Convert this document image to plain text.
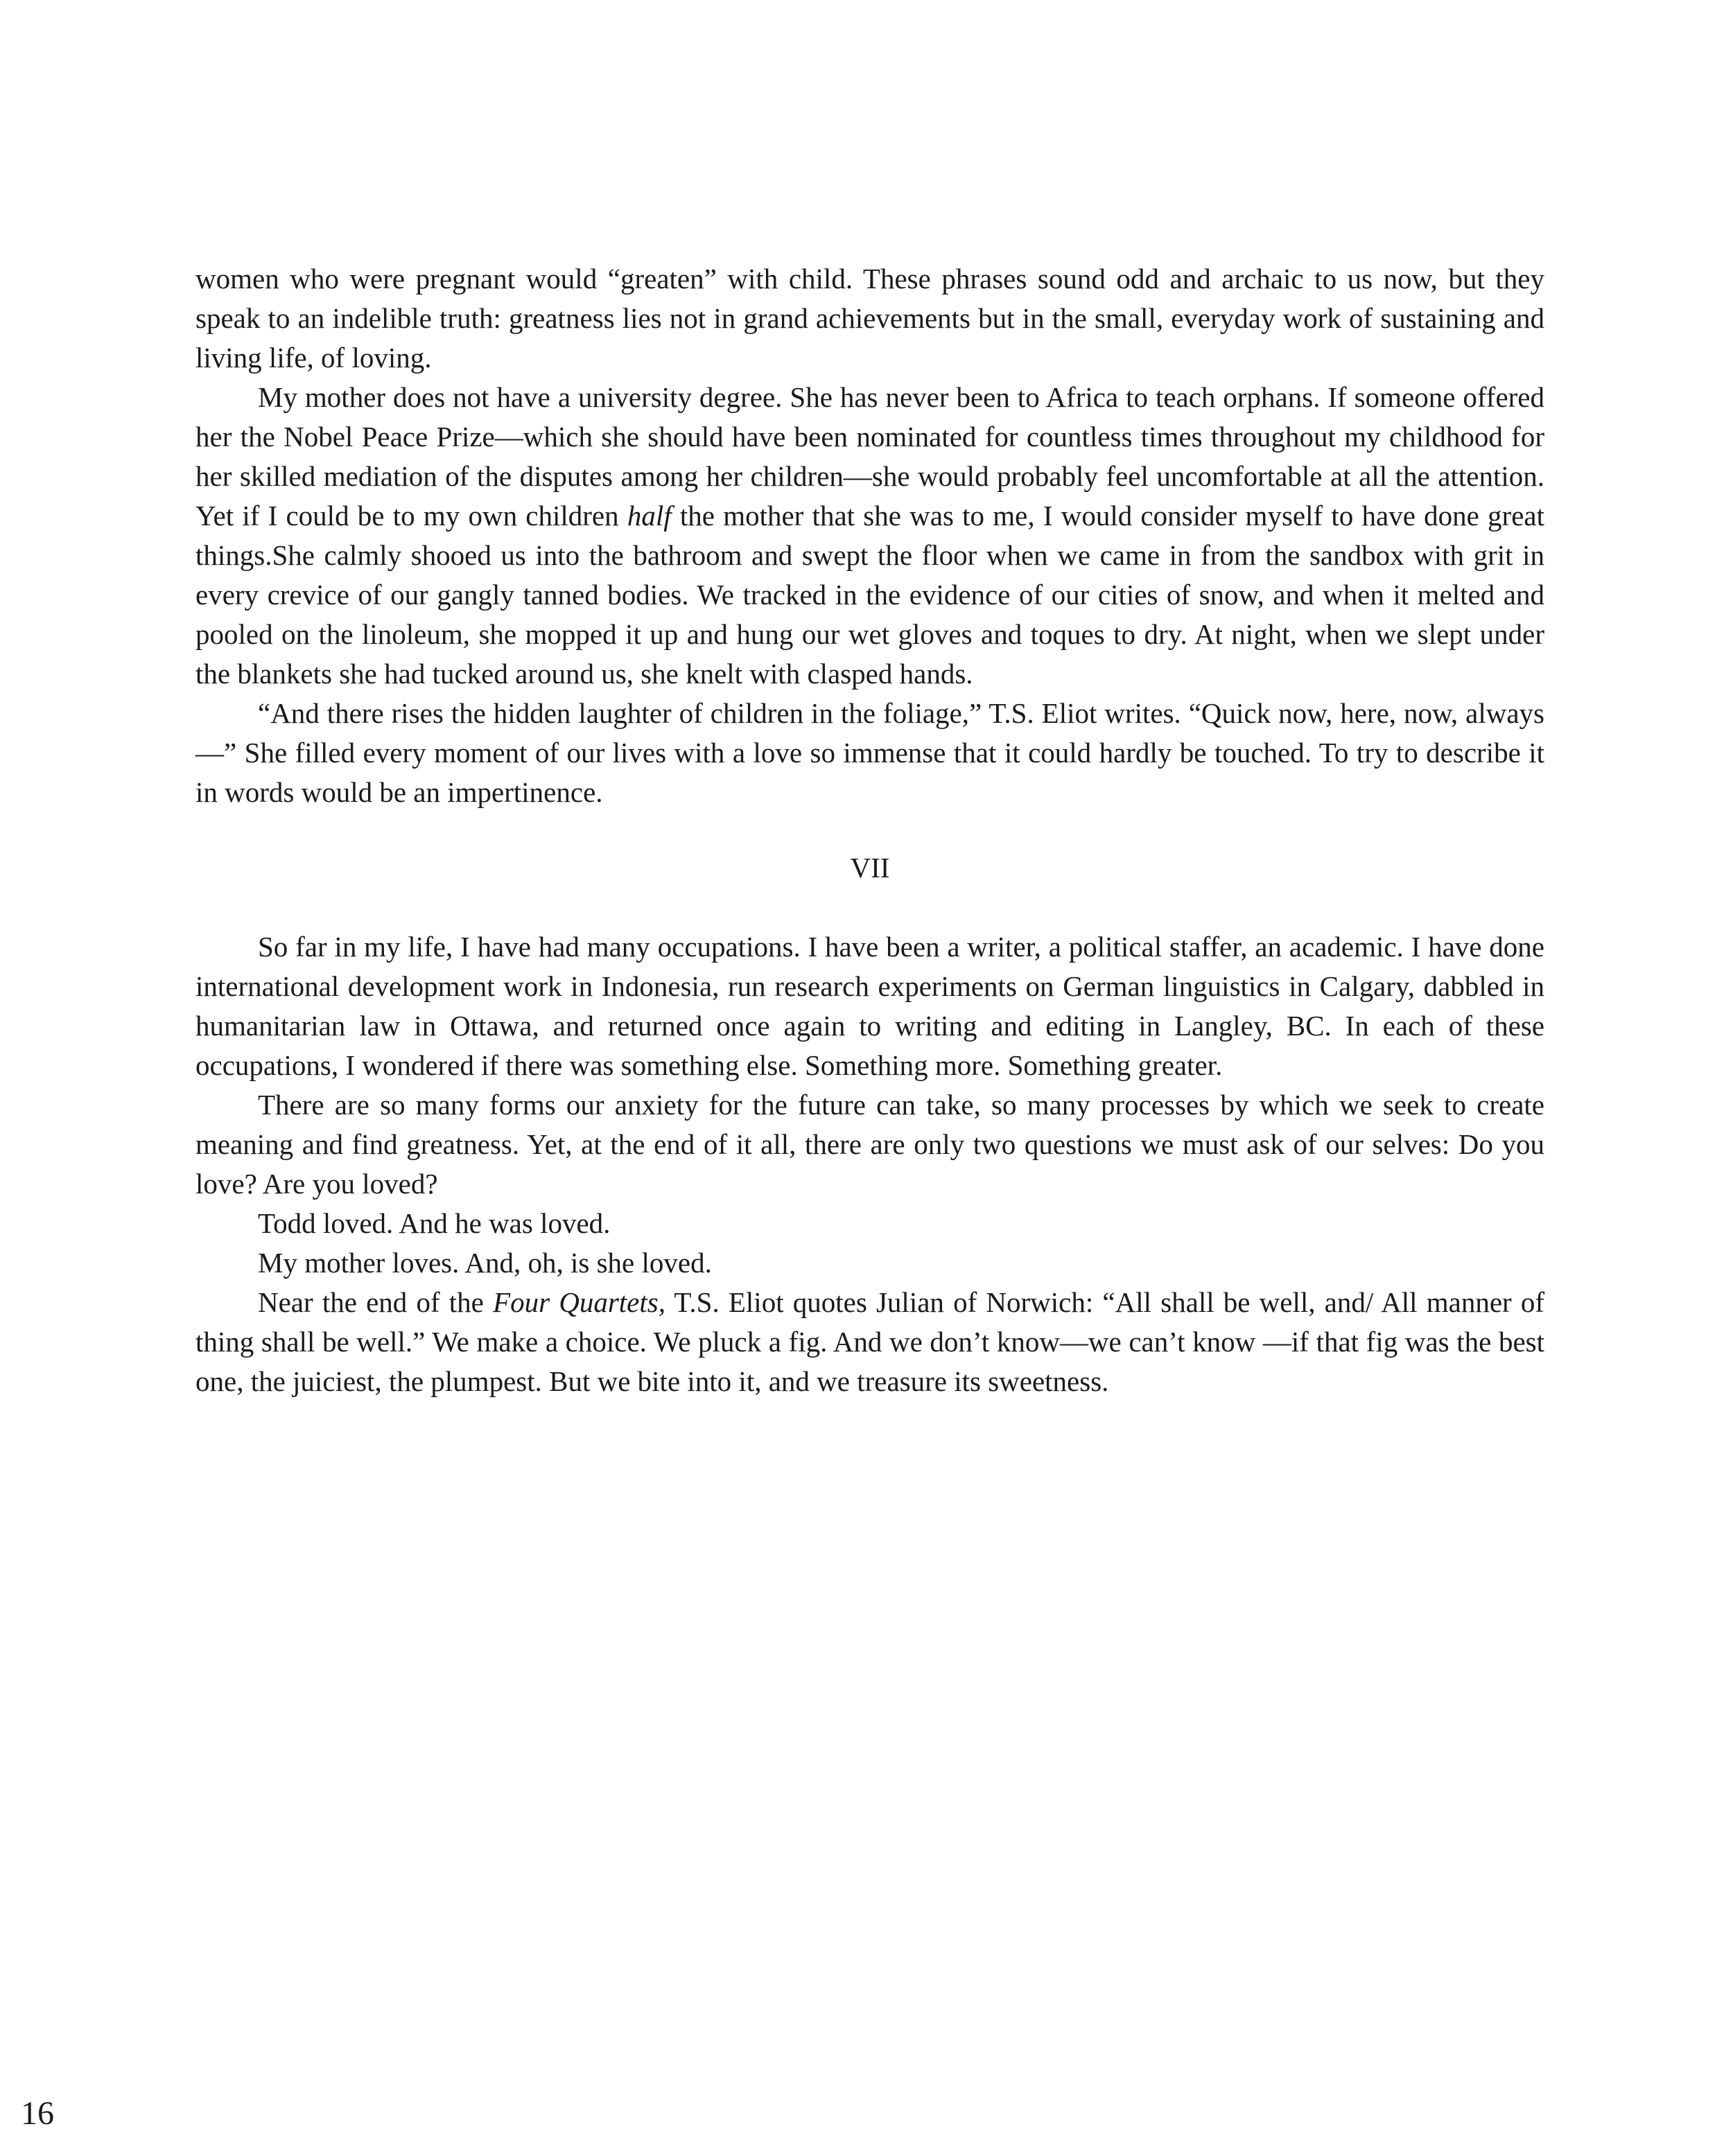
women who were pregnant would “greaten” with child. These phrases sound odd and archaic to us now, but they speak to an indelible truth: greatness lies not in grand achievements but in the small, everyday work of sustaining and living life, of loving.

My mother does not have a university degree. She has never been to Africa to teach orphans. If someone offered her the Nobel Peace Prize—which she should have been nominated for countless times throughout my childhood for her skilled mediation of the disputes among her children—she would probably feel uncomfortable at all the attention. Yet if I could be to my own children half the mother that she was to me, I would consider myself to have done great things.She calmly shooed us into the bathroom and swept the floor when we came in from the sandbox with grit in every crevice of our gangly tanned bodies. We tracked in the evidence of our cities of snow, and when it melted and pooled on the linoleum, she mopped it up and hung our wet gloves and toques to dry. At night, when we slept under the blankets she had tucked around us, she knelt with clasped hands.

“And there rises the hidden laughter of children in the foliage,” T.S. Eliot writes. “Quick now, here, now, always—” She filled every moment of our lives with a love so immense that it could hardly be touched. To try to describe it in words would be an impertinence.

VII

So far in my life, I have had many occupations. I have been a writer, a political staffer, an academic. I have done international development work in Indonesia, run research experiments on German linguistics in Calgary, dabbled in humanitarian law in Ottawa, and returned once again to writing and editing in Langley, BC. In each of these occupations, I wondered if there was something else. Something more. Something greater.

There are so many forms our anxiety for the future can take, so many processes by which we seek to create meaning and find greatness. Yet, at the end of it all, there are only two questions we must ask of our selves: Do you love? Are you loved?

Todd loved. And he was loved.

My mother loves. And, oh, is she loved.

Near the end of the Four Quartets, T.S. Eliot quotes Julian of Norwich: “All shall be well, and/ All manner of thing shall be well.” We make a choice. We pluck a fig. And we don’t know—we can’t know —if that fig was the best one, the juiciest, the plumpest. But we bite into it, and we treasure its sweetness.

16
